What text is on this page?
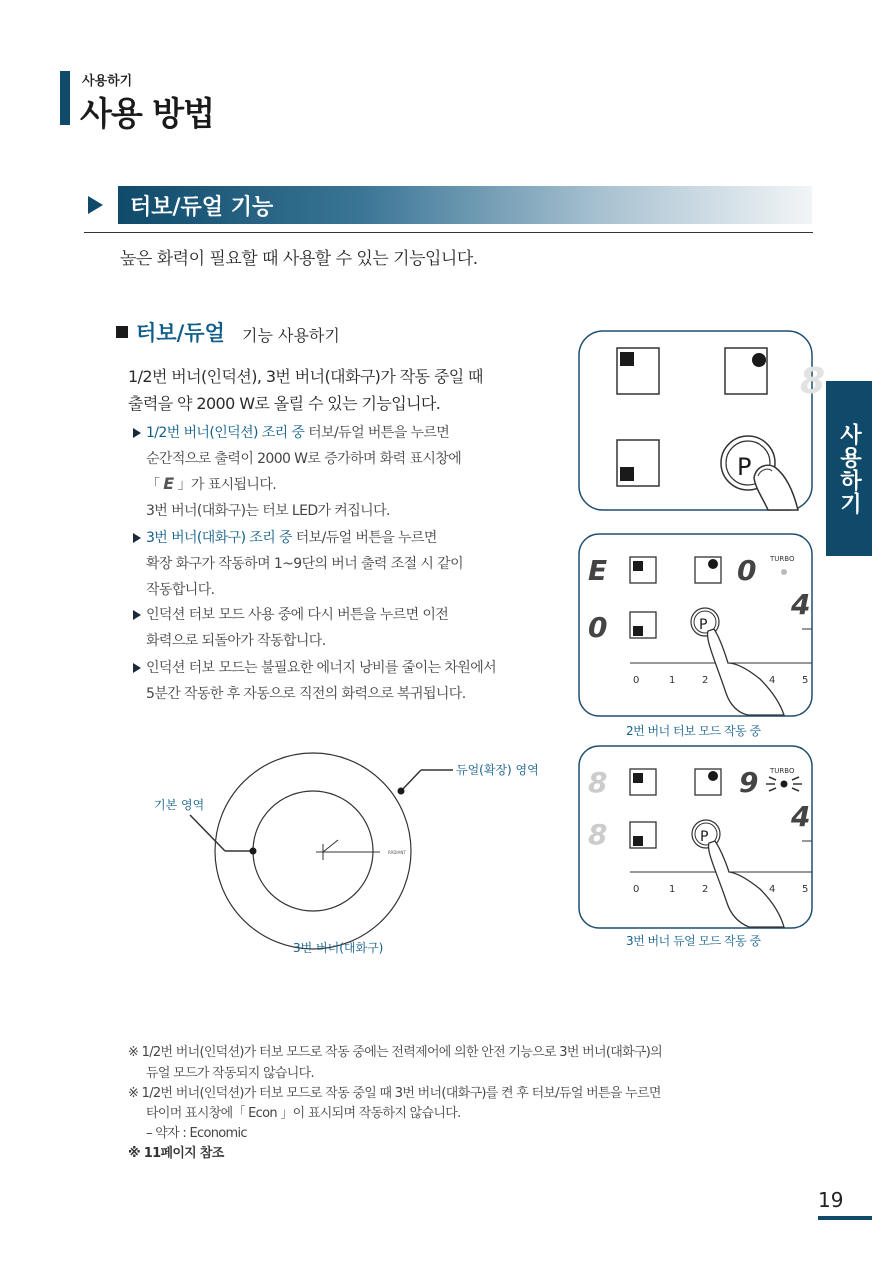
사용하기
사용 방법
터보/듀얼 기능
높은 화력이 필요할 때 사용할 수 있는 기능입니다.
터보/듀얼 기능 사용하기
1/2번 버너(인덕션), 3번 버너(대화구)가 작동 중일 때
출력을 약 2000 W로 올릴 수 있는 기능입니다.
1/2번 버너(인덕션) 조리 중 터보/듀얼 버튼을 누르면
순간적으로 출력이 2000 W로 증가하며 화력 표시창에
「 E 」가 표시됩니다.
3번 버너(대화구)는 터보 LED가 켜집니다.
3번 버너(대화구) 조리 중 터보/듀얼 버튼을 누르면
확장 화구가 작동하며 1~9단의 버너 출력 조절 시 같이
작동합니다.
인덕션 터보 모드 사용 중에 다시 버튼을 누르면 이전
화력으로 되돌아가 작동합니다.
인덕션 터보 모드는 불필요한 에너지 낭비를 줄이는 차원에서
5분간 작동한 후 자동으로 직전의 화력으로 복귀됩니다.
RADIANT
기본 영역
듀얼(확장) 영역
3번 버너(대화구)
8
P
E
0
0 TURBO
4
P
0	1	2	4	5
2번 버너 터보 모드 작동 중
8
8
9 TURBO
4
P
0	1	2	4	5
3번 버너 듀얼 모드 작동 중
사용하기
※ 1/2번 버너(인덕션)가 터보 모드로 작동 중에는 전력제어에 의한 안전 기능으로 3번 버너(대화구)의
듀얼 모드가 작동되지 않습니다.
※ 1/2번 버너(인덕션)가 터보 모드로 작동 중일 때 3번 버너(대화구)를 켠 후 터보/듀얼 버튼을 누르면
타이머 표시창에「 Econ 」이 표시되며 작동하지 않습니다.
– 약자 : Economic
※ 11페이지 참조
19
